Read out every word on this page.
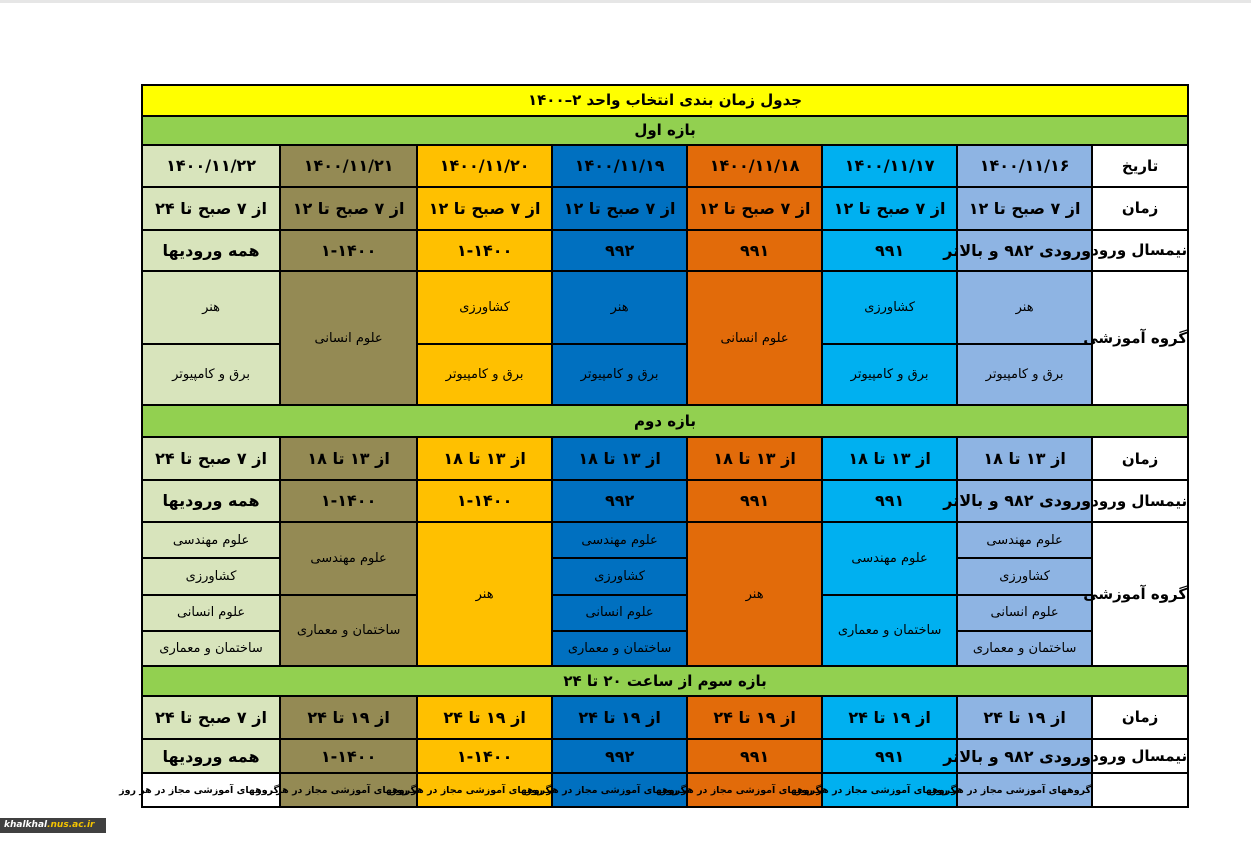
جدول زمان بندی انتخاب واحد ۲–۱۴۰۰							
بازه اول							
تاریخ	۱۴۰۰/۱۱/۱۶	۱۴۰۰/۱۱/۱۷	۱۴۰۰/۱۱/۱۸	۱۴۰۰/۱۱/۱۹	۱۴۰۰/۱۱/۲۰	۱۴۰۰/۱۱/۲۱	۱۴۰۰/۱۱/۲۲
زمان	از ۷ صبح تا ۱۲	از ۷ صبح تا ۱۲	از ۷ صبح تا ۱۲	از ۷ صبح تا ۱۲	از ۷ صبح تا ۱۲	از ۷ صبح تا ۱۲	از ۷ صبح تا ۲۴
نیمسال ورود	ورودی ۹۸۲ و بالاتر	۹۹۱	۹۹۱	۹۹۲	۱-۱۴۰۰	۱-۱۴۰۰	همه ورودیها
گروه آموزشی	هنر	کشاورزی	علوم انسانی	هنر	کشاورزی	علوم انسانی	هنر
	برق و کامپیوتر	برق و کامپیوتر		برق و کامپیوتر	برق و کامپیوتر		برق و کامپیوتر
بازه دوم							
زمان	از ۱۳ تا ۱۸	از ۱۳ تا ۱۸	از ۱۳ تا ۱۸	از ۱۳ تا ۱۸	از ۱۳ تا ۱۸	از ۱۳ تا ۱۸	از ۷ صبح تا ۲۴
نیمسال ورود	ورودی ۹۸۲ و بالاتر	۹۹۱	۹۹۱	۹۹۲	۱-۱۴۰۰	۱-۱۴۰۰	همه ورودیها
گروه آموزشی	علوم مهندسی	علوم مهندسی	هنر	علوم مهندسی	هنر	علوم مهندسی	علوم مهندسی
	کشاورزی			کشاورزی			کشاورزی
	علوم انسانی	ساختمان و معماری		علوم انسانی		ساختمان و معماری	علوم انسانی
	ساختمان و معماری			ساختمان و معماری			ساختمان و معماری
بازه سوم از ساعت ۲۰ تا ۲۴							
زمان	از ۱۹ تا ۲۴	از ۱۹ تا ۲۴	از ۱۹ تا ۲۴	از ۱۹ تا ۲۴	از ۱۹ تا ۲۴	از ۱۹ تا ۲۴	از ۷ صبح تا ۲۴
نیمسال ورود	ورودی ۹۸۲ و بالاتر	۹۹۱	۹۹۱	۹۹۲	۱-۱۴۰۰	۱-۱۴۰۰	همه ورودیها
	گروههای آموزشی مجاز در هر روز	گروههای آموزشی مجاز در هر روز	گروههای آموزشی مجاز در هر روز	گروههای آموزشی مجاز در هر روز	گروههای آموزشی مجاز در هر روز	گروههای آموزشی مجاز در هر روز	گروههای آموزشی مجاز در هر روز
khalkhal.nus.ac.ir
